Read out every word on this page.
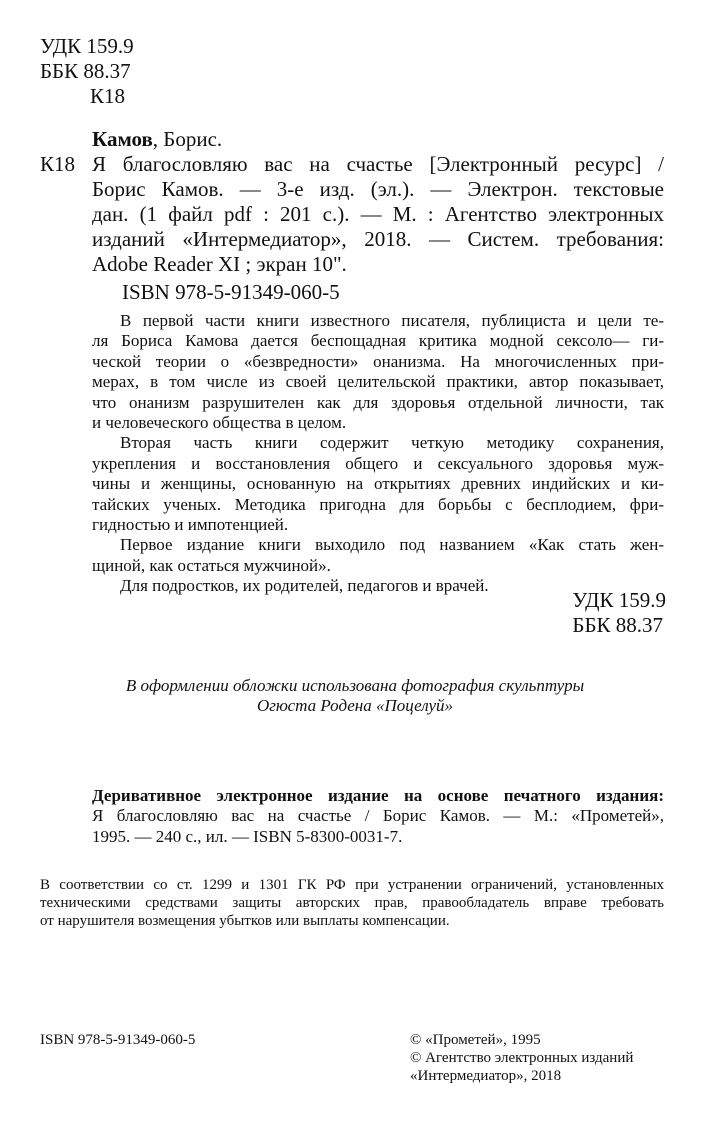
УДК 159.9
ББК 88.37
К18
Камов, Борис.
К18 Я благословляю вас на счастье [Электронный ресурс] /
Борис Камов. — 3-е изд. (эл.). — Электрон. текстовые
дан. (1 файл pdf : 201 с.). — М. : Агентство электронных
изданий «Интермедиатор», 2018. — Систем. требования:
Adobe Reader XI ; экран 10".
ISBN 978-5-91349-060-5
В первой части книги известного писателя, публициста и цели те-
ля Бориса Камова дается беспощадная критика модной сексоло— ги-
ческой теории о «безвредности» онанизма. На многочисленных при-
мерах, в том числе из своей целительской практики, автор показывает,
что онанизм разрушителен как для здоровья отдельной личности, так
и человеческого общества в целом.
Вторая часть книги содержит четкую методику сохранения,
укрепления и восстановления общего и сексуального здоровья муж-
чины и женщины, основанную на открытиях древних индийских и ки-
тайских ученых. Методика пригодна для борьбы с бесплодием, фри-
гидностью и импотенцией.
Первое издание книги выходило под названием «Как стать жен-
щиной, как остаться мужчиной».
Для подростков, их родителей, педагогов и врачей.
УДК 159.9
ББК 88.37
В оформлении обложки использована фотография скульптуры
Огюста Родена «Поцелуй»
Деривативное электронное издание на основе печатного издания:
Я благословляю вас на счастье / Борис Камов. — М.: «Прометей»,
1995. — 240 с., ил. — ISBN 5-8300-0031-7.
В соответствии со ст. 1299 и 1301 ГК РФ при устранении ограничений, установленных
техническими средствами защиты авторских прав, правообладатель вправе требовать
от нарушителя возмещения убытков или выплаты компенсации.
ISBN 978-5-91349-060-5	© «Прометей», 1995
© Агентство электронных изданий
«Интермедиатор», 2018
